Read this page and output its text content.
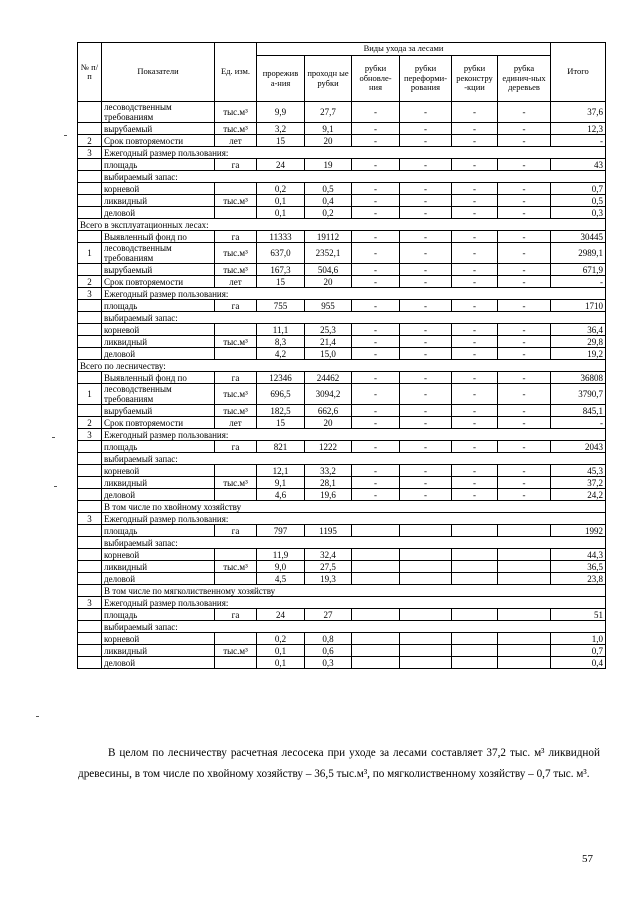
№ п/п	Показатели	Ед. изм.	Виды ухода за лесами						Итого
			прорежив а-ния	проходн ые рубки	рубки обновле-ния	рубки переформи-рования	рубки реконстру -кции	рубка единич-ных деревьев	
	лесоводственным требованиям	тыс.м³	9,9	27,7	-	-	-	-	37,6
	вырубаемый	тыс.м³	3,2	9,1	-	-	-	-	12,3
2	Срок повторяемости	лет	15	20	-	-	-	-	-
3	Ежегодный размер пользования:								
	площадь	га	24	19	-	-	-	-	43
	выбираемый запас:								
	корневой		0,2	0,5	-	-	-	-	0,7
	ликвидный	тыс.м³	0,1	0,4	-	-	-	-	0,5
	деловой		0,1	0,2	-	-	-	-	0,3
Всего в эксплуатационных лесах:									
	Выявленный фонд по	га	11333	19112	-	-	-	-	30445
1	лесоводственным требованиям	тыс.м³	637,0	2352,1	-	-	-	-	2989,1
	вырубаемый	тыс.м³	167,3	504,6	-	-	-	-	671,9
2	Срок повторяемости	лет	15	20	-	-	-	-	-
3	Ежегодный размер пользования:								
	площадь	га	755	955	-	-	-	-	1710
	выбираемый запас:								
	корневой		11,1	25,3	-	-	-	-	36,4
	ликвидный	тыс.м³	8,3	21,4	-	-	-	-	29,8
	деловой		4,2	15,0	-	-	-	-	19,2
Всего по лесничеству:									
	Выявленный фонд по	га	12346	24462	-	-	-	-	36808
1	лесоводственным требованиям	тыс.м³	696,5	3094,2	-	-	-	-	3790,7
	вырубаемый	тыс.м³	182,5	662,6	-	-	-	-	845,1
2	Срок повторяемости	лет	15	20	-	-	-	-	-
3	Ежегодный размер пользования:								
	площадь	га	821	1222	-	-	-	-	2043
	выбираемый запас:								
	корневой		12,1	33,2	-	-	-	-	45,3
	ликвидный	тыс.м³	9,1	28,1	-	-	-	-	37,2
	деловой		4,6	19,6	-	-	-	-	24,2
	В том числе по хвойному хозяйству								
3	Ежегодный размер пользования:								
	площадь	га	797	1195					1992
	выбираемый запас:								
	корневой		11,9	32,4					44,3
	ликвидный	тыс.м³	9,0	27,5					36,5
	деловой		4,5	19,3					23,8
	В том числе по мягколиственному хозяйству								
3	Ежегодный размер пользования:								
	площадь	га	24	27					51
	выбираемый запас:								
	корневой		0,2	0,8					1,0
	ликвидный	тыс.м³	0,1	0,6					0,7
	деловой		0,1	0,3					0,4
В целом по лесничеству расчетная лесосека при уходе за лесами составляет 37,2 тыс. м³ ликвидной древесины, в том числе по хвойному хозяйству – 36,5 тыс.м³, по мягколиственному хозяйству – 0,7 тыс. м³.
57
